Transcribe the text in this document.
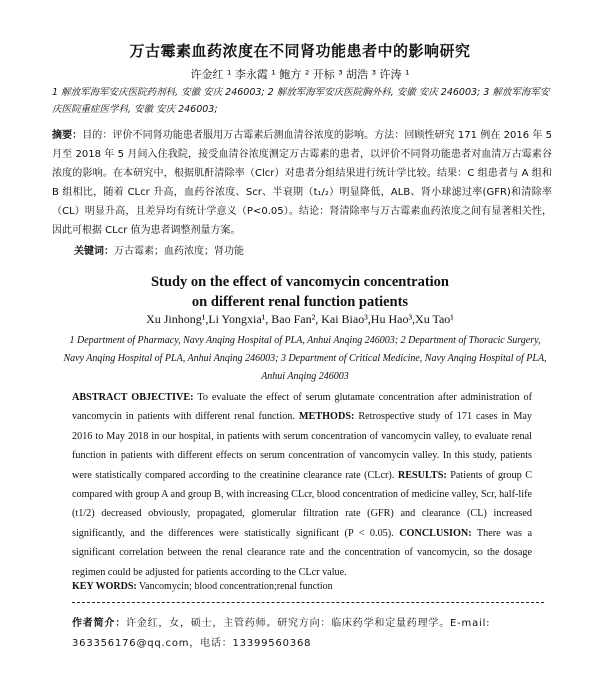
万古霉素血药浓度在不同肾功能患者中的影响研究
许金红 ¹ 李永霞 ¹ 鲍方 ² 开标 ³ 胡浩 ³ 许涛 ¹
1 解放军海军安庆医院药剂科, 安徽 安庆 246003; 2 解放军海军安庆医院胸外科, 安徽 安庆 246003; 3 解放军海军安庆医院重症医学科, 安徽 安庆 246003;
摘要：目的：评价不同肾功能患者服用万古霉素后测血清谷浓度的影响。方法：回顾性研究 171 例在 2016 年 5 月至 2018 年 5 月间入住我院，接受血清谷浓度测定万古霉素的患者，以评价不同肾功能患者对血清万古霉素谷浓度的影响。在本研究中，根据肌酐清除率（Clcr）对患者分组结果进行统计学比较。结果：C 组患者与 A 组和 B 组相比，随着 CLcr 升高，血药谷浓度、Scr、半衰期（t₁/₂）明显降低，ALB、肾小球滤过率(GFR)和清除率（CL）明显升高，且差异均有统计学意义（P<0.05）。结论：肾清除率与万古霉素血药浓度之间有显著相关性，因此可根据 CLcr 值为患者调整剂量方案。
关键词：万古霉素；血药浓度；肾功能
Study on the effect of vancomycin concentration
on different renal function patients
Xu Jinhong¹,Li Yongxia¹, Bao Fan², Kai Biao³,Hu Hao³,Xu Tao¹
1 Department of Pharmacy, Navy Anqing Hospital of PLA, Anhui Anqing 246003; 2 Department of Thoracic Surgery, Navy Anqing Hospital of PLA, Anhui Anqing 246003; 3 Department of Critical Medicine, Navy Anqing Hospital of PLA, Anhui Anqing 246003
ABSTRACT OBJECTIVE: To evaluate the effect of serum glutamate concentration after administration of vancomycin in patients with different renal function. METHODS: Retrospective study of 171 cases in May 2016 to May 2018 in our hospital, in patients with serum concentration of vancomycin valley, to evaluate renal function in patients with different effects on serum concentration of vancomycin valley. In this study, patients were statistically compared according to the creatinine clearance rate (CLcr). RESULTS: Patients of group C compared with group A and group B, with increasing CLcr, blood concentration of medicine valley, Scr, half-life (t1/2) decreased obviously, propagated, glomerular filtration rate (GFR) and clearance (CL) increased significantly, and the differences were statistically significant (P < 0.05). CONCLUSION: There was a significant correlation between the renal clearance rate and the concentration of vancomycin, so the dosage regimen could be adjusted for patients according to the CLcr value.
KEY WORDS: Vancomycin; blood concentration;renal function
作者简介：许金红，女，硕士，主管药师。研究方向：临床药学和定量药理学。E-mail: 363356176@qq.com，电话：13399560368
